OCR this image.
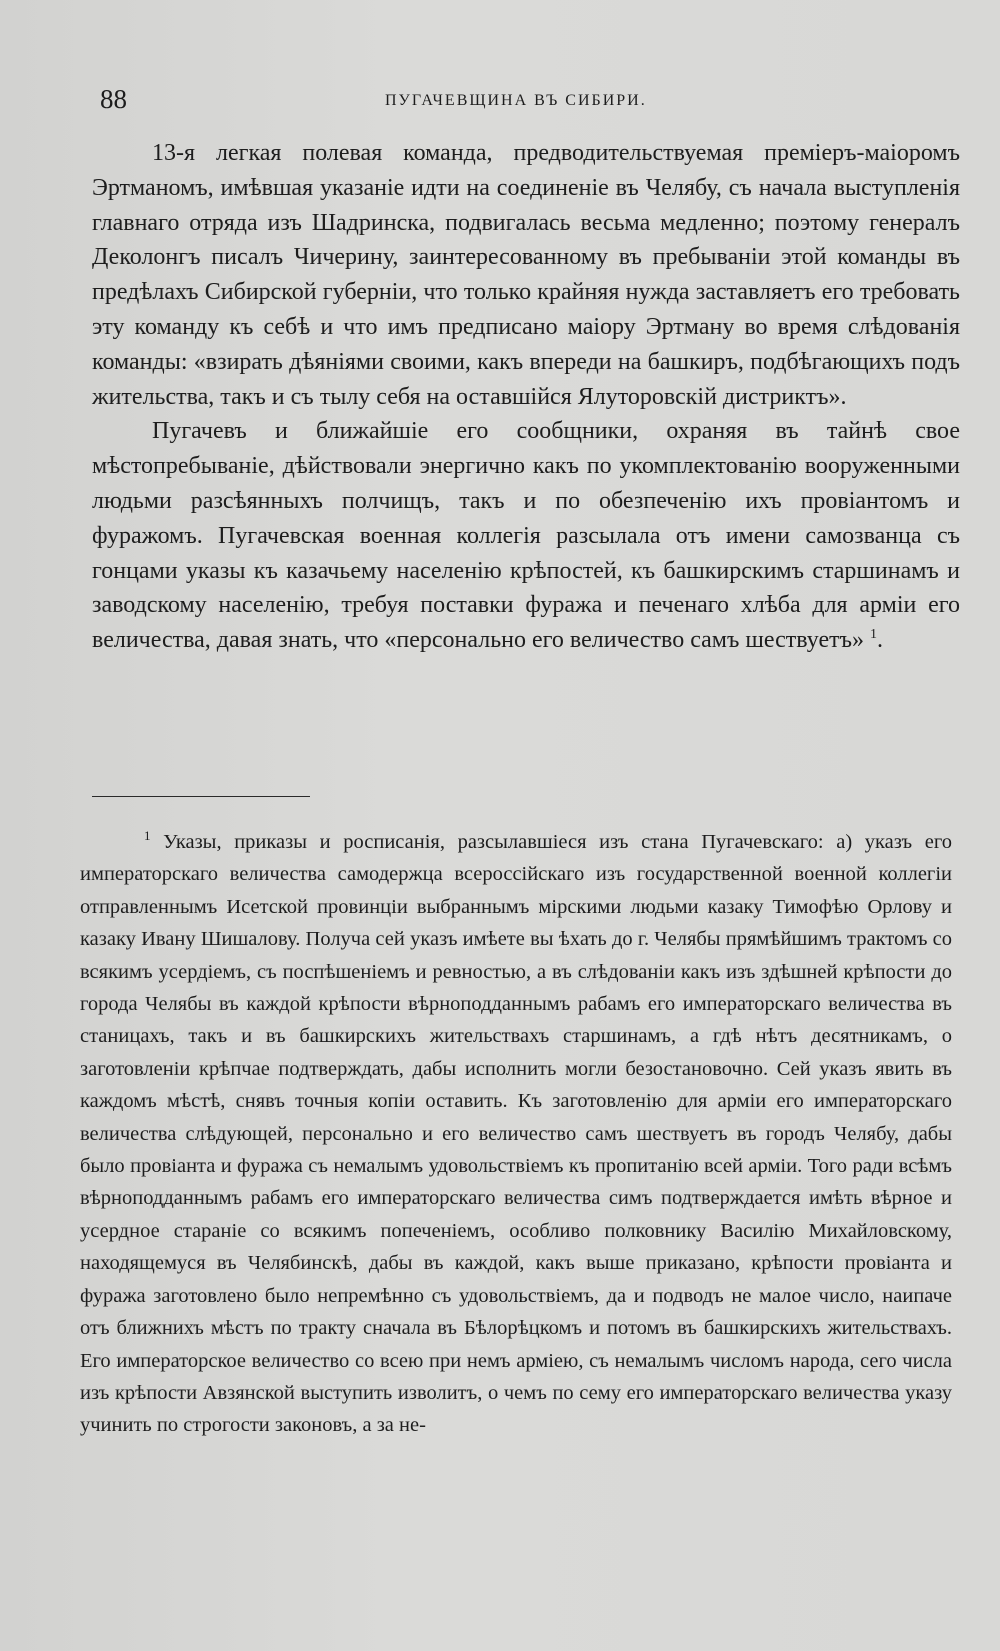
88	ПУГАЧЕВЩИНА ВЪ СИБИРИ.

13-я легкая полевая команда, предводительствуемая премiеръ-маiоромъ Эртманомъ, имѣвшая указанiе идти на соединенiе въ Челябу, съ начала выступленiя главнаго отряда изъ Шадринска, подвигалась весьма медленно; поэтому генералъ Деколонгъ писалъ Чичерину, заинтересованному въ пребыванiи этой команды въ предѣлахъ Сибирской губернiи, что только крайняя нужда заставляетъ его требовать эту команду къ себѣ и что имъ предписано маiору Эртману во время слѣдованiя команды: «взирать дѣянiями своими, какъ впереди на башкиръ, подбѣгающихъ подъ жительства, такъ и съ тылу себя на оставшiйся Ялуторовскiй дистриктъ».

Пугачевъ и ближайшiе его сообщники, охраняя въ тайнѣ свое мѣстопребыванiе, дѣйствовали энергично какъ по укомплектованiю вооруженными людьми разсѣянныхъ полчищъ, такъ и по обезпеченiю ихъ провiантомъ и фуражомъ. Пугачевская военная коллегiя разсылала отъ имени самозванца съ гонцами указы къ казачьему населенiю крѣпостей, къ башкирскимъ старшинамъ и заводскому населенiю, требуя поставки фуража и печенаго хлѣба для армiи его величества, давая знать, что «персонально его величество самъ шествуетъ» $^1$.

$^1$ Указы, приказы и росписанiя, разсылавшiеся изъ стана Пугачевскаго: а) указъ его императорскаго величества самодержца всероссiйскаго изъ государственной военной коллегiи отправленнымъ Исетской провинцiи выбраннымъ мiрскими людьми казаку Тимофѣю Орлову и казаку Ивану Шишалову. Получа сей указъ имѣете вы ѣхать до г. Челябы прямѣйшимъ трактомъ со всякимъ усердiемъ, съ поспѣшенiемъ и ревностью, а въ слѣдованiи какъ изъ здѣшней крѣпости до города Челябы въ каждой крѣпости вѣрноподданнымъ рабамъ его императорскаго величества въ станицахъ, такъ и въ башкирскихъ жительствахъ старшинамъ, а гдѣ нѣтъ десятникамъ, о заготовленiи крѣпчае подтверждать, дабы исполнить могли безостановочно. Сей указъ явить въ каждомъ мѣстѣ, снявъ точныя копiи оставить. Къ заготовленiю для армiи его императорскаго величества слѣдующей, персонально и его величество самъ шествуетъ въ городъ Челябу, дабы было провiанта и фуража съ немалымъ удовольствiемъ къ пропитанiю всей армiи. Того ради всѣмъ вѣрноподданнымъ рабамъ его императорскаго величества симъ подтверждается имѣть вѣрное и усердное старанiе со всякимъ попеченiемъ, особливо полковнику Василiю Михайловскому, находящемуся въ Челябинскѣ, дабы въ каждой, какъ выше приказано, крѣпости провiанта и фуража заготовлено было непремѣнно съ удовольствiемъ, да и подводъ не малое число, наипаче отъ ближнихъ мѣстъ по тракту сначала въ Бѣлорѣцкомъ и потомъ въ башкирскихъ жительствахъ. Его императорское величество со всею при немъ армiею, съ немалымъ числомъ народа, сего числа изъ крѣпости Авзянской выступить изволитъ, о чемъ по сему его императорскаго величества указу учинить по строгости законовъ, а за не-
